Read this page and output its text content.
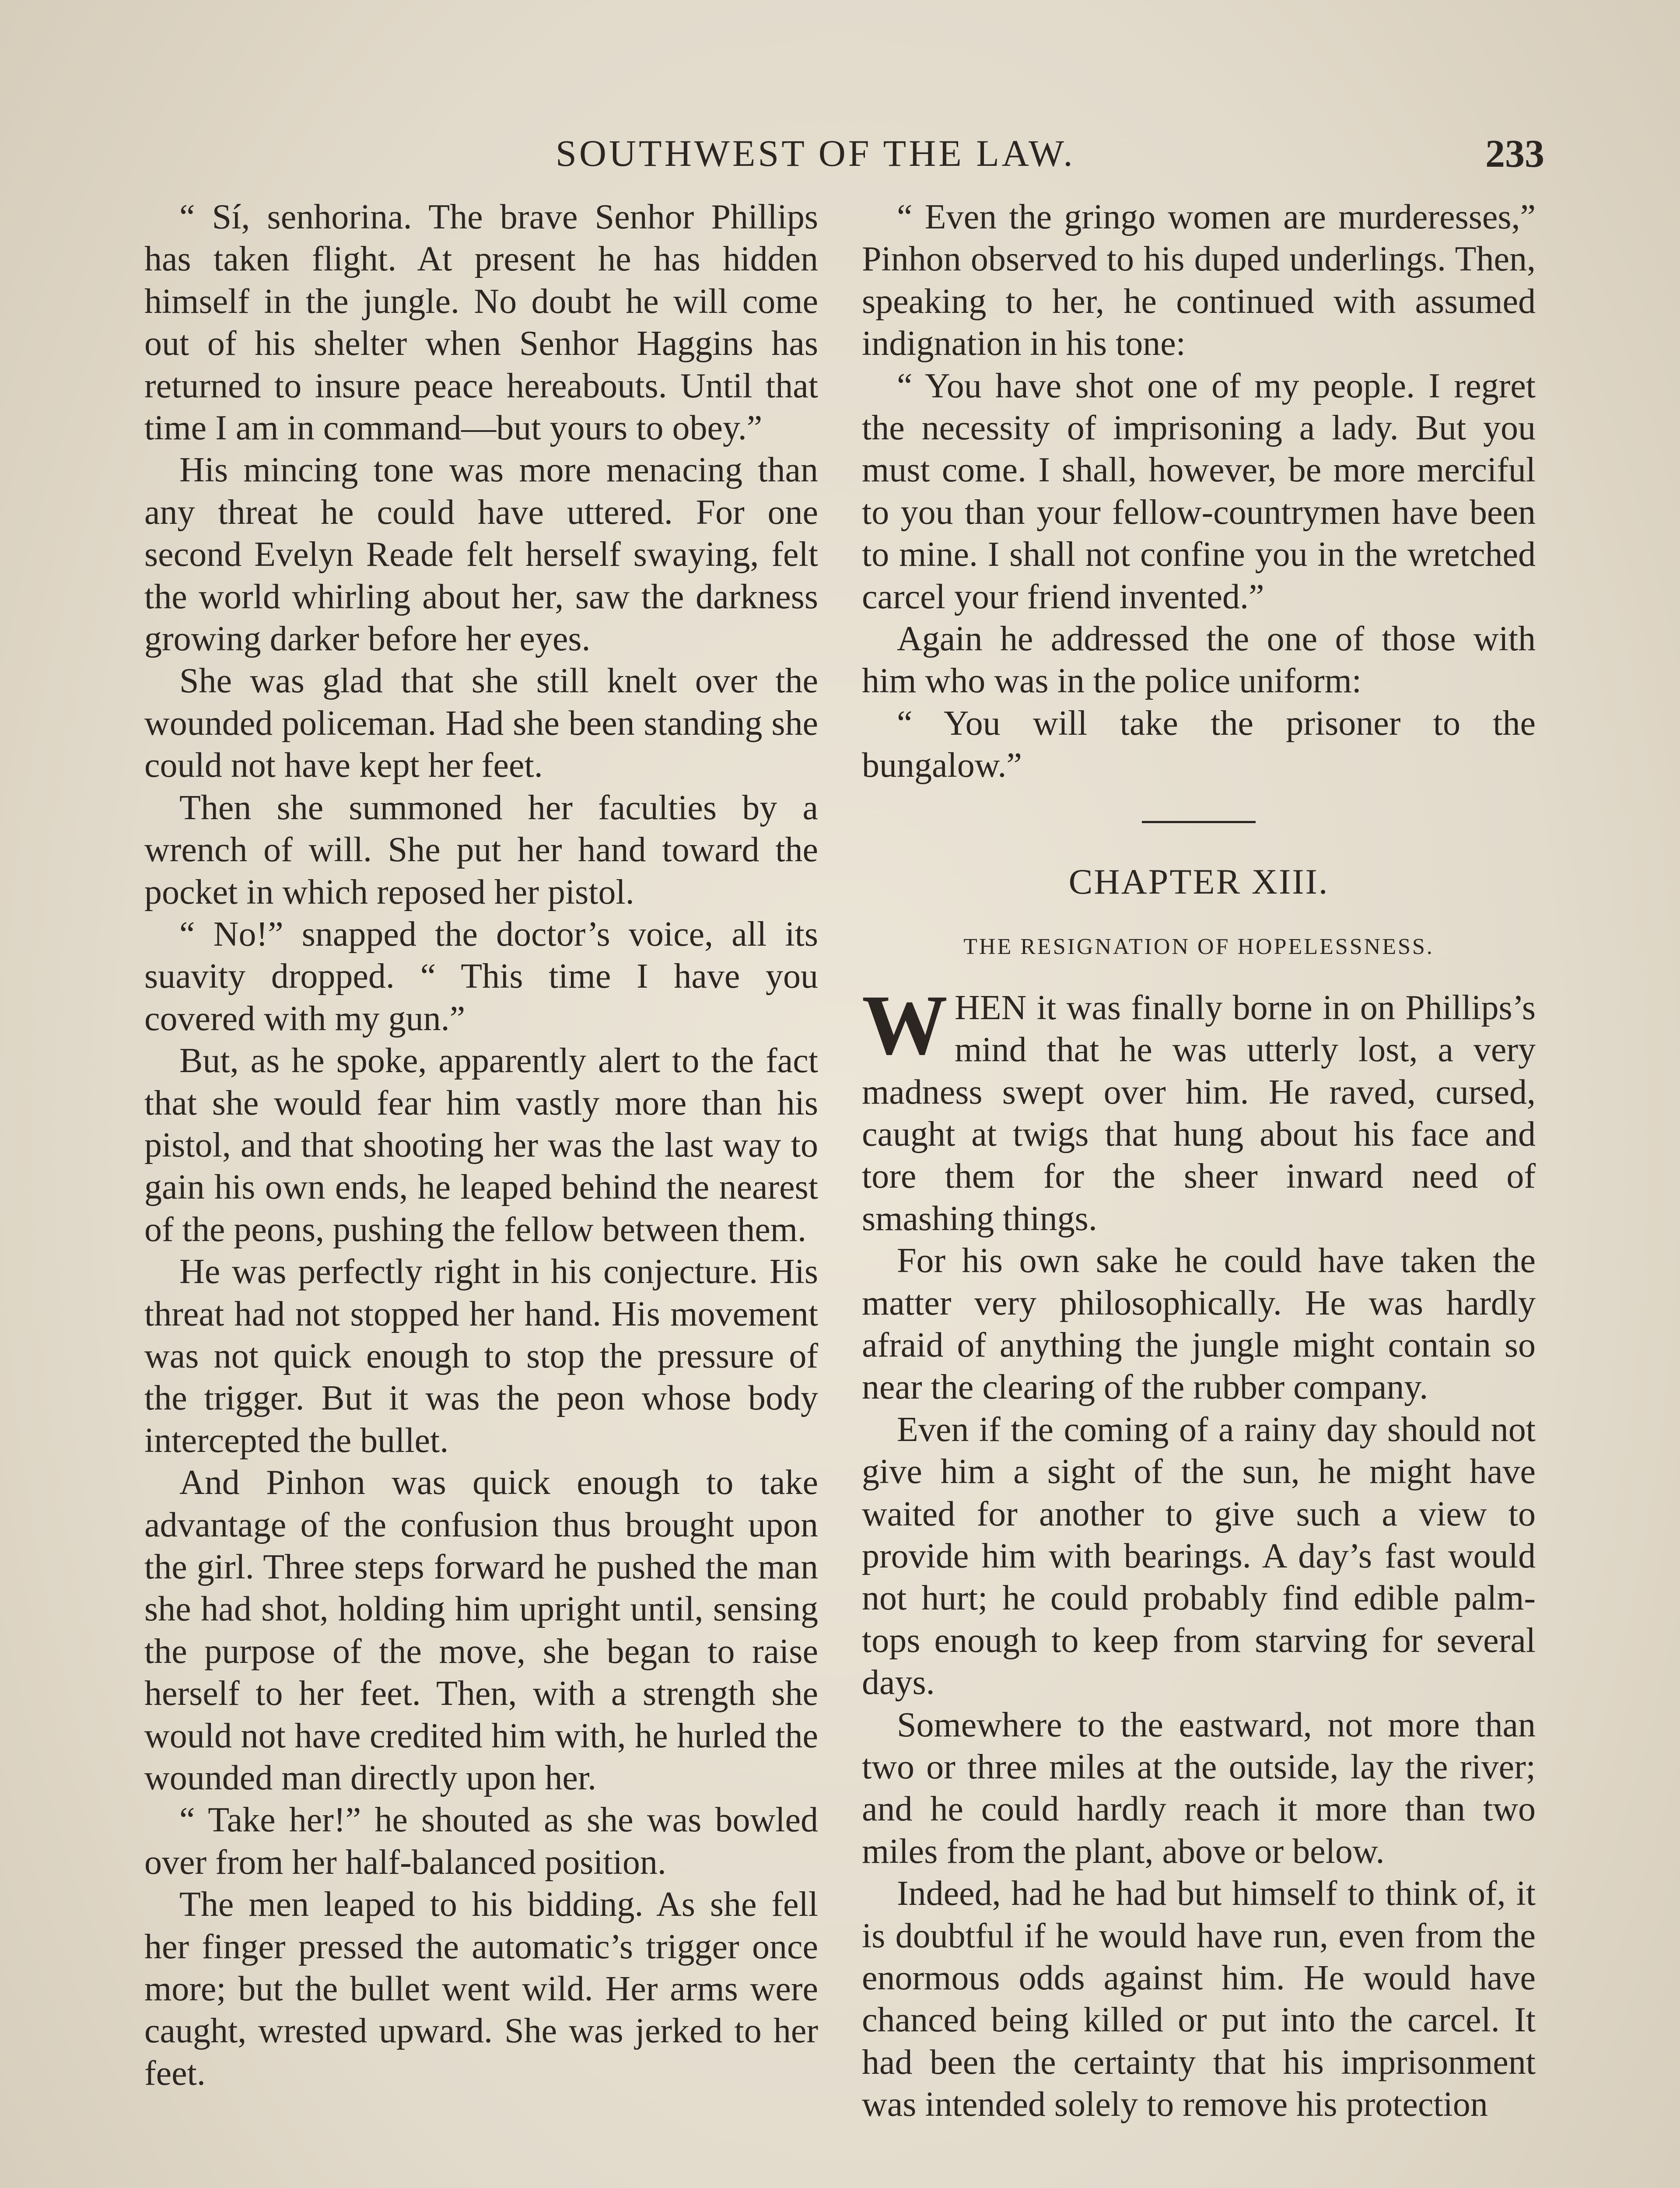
SOUTHWEST OF THE LAW.	233

“ Sí, senhorina. The brave Senhor Phillips has taken flight. At present he has hidden himself in the jungle. No doubt he will come out of his shelter when Senhor Haggins has returned to insure peace hereabouts. Until that time I am in command—but yours to obey.”

His mincing tone was more menacing than any threat he could have uttered. For one second Evelyn Reade felt herself swaying, felt the world whirling about her, saw the darkness growing darker before her eyes.

She was glad that she still knelt over the wounded policeman. Had she been standing she could not have kept her feet.

Then she summoned her faculties by a wrench of will. She put her hand toward the pocket in which reposed her pistol.

“ No!” snapped the doctor’s voice, all its suavity dropped. “ This time I have you covered with my gun.”

But, as he spoke, apparently alert to the fact that she would fear him vastly more than his pistol, and that shooting her was the last way to gain his own ends, he leaped behind the nearest of the peons, pushing the fellow between them.

He was perfectly right in his conjecture. His threat had not stopped her hand. His movement was not quick enough to stop the pressure of the trigger. But it was the peon whose body intercepted the bullet.

And Pinhon was quick enough to take advantage of the confusion thus brought upon the girl. Three steps forward he pushed the man she had shot, holding him upright until, sensing the purpose of the move, she began to raise herself to her feet. Then, with a strength she would not have credited him with, he hurled the wounded man directly upon her.

“ Take her!” he shouted as she was bowled over from her half-balanced position.

The men leaped to his bidding. As she fell her finger pressed the automatic’s trigger once more; but the bullet went wild. Her arms were caught, wrested upward. She was jerked to her feet.

“ Even the gringo women are murderesses,” Pinhon observed to his duped underlings. Then, speaking to her, he continued with assumed indignation in his tone:

“ You have shot one of my people. I regret the necessity of imprisoning a lady. But you must come. I shall, however, be more merciful to you than your fellow-countrymen have been to mine. I shall not confine you in the wretched carcel your friend invented.”

Again he addressed the one of those with him who was in the police uniform:

“ You will take the prisoner to the bungalow.”

CHAPTER XIII.
THE RESIGNATION OF HOPELESSNESS.

WHEN it was finally borne in on Phillips’s mind that he was utterly lost, a very madness swept over him. He raved, cursed, caught at twigs that hung about his face and tore them for the sheer inward need of smashing things.

For his own sake he could have taken the matter very philosophically. He was hardly afraid of anything the jungle might contain so near the clearing of the rubber company.

Even if the coming of a rainy day should not give him a sight of the sun, he might have waited for another to give such a view to provide him with bearings. A day’s fast would not hurt; he could probably find edible palm-tops enough to keep from starving for several days.

Somewhere to the eastward, not more than two or three miles at the outside, lay the river; and he could hardly reach it more than two miles from the plant, above or below.

Indeed, had he had but himself to think of, it is doubtful if he would have run, even from the enormous odds against him. He would have chanced being killed or put into the carcel. It had been the certainty that his imprisonment was intended solely to remove his protection
